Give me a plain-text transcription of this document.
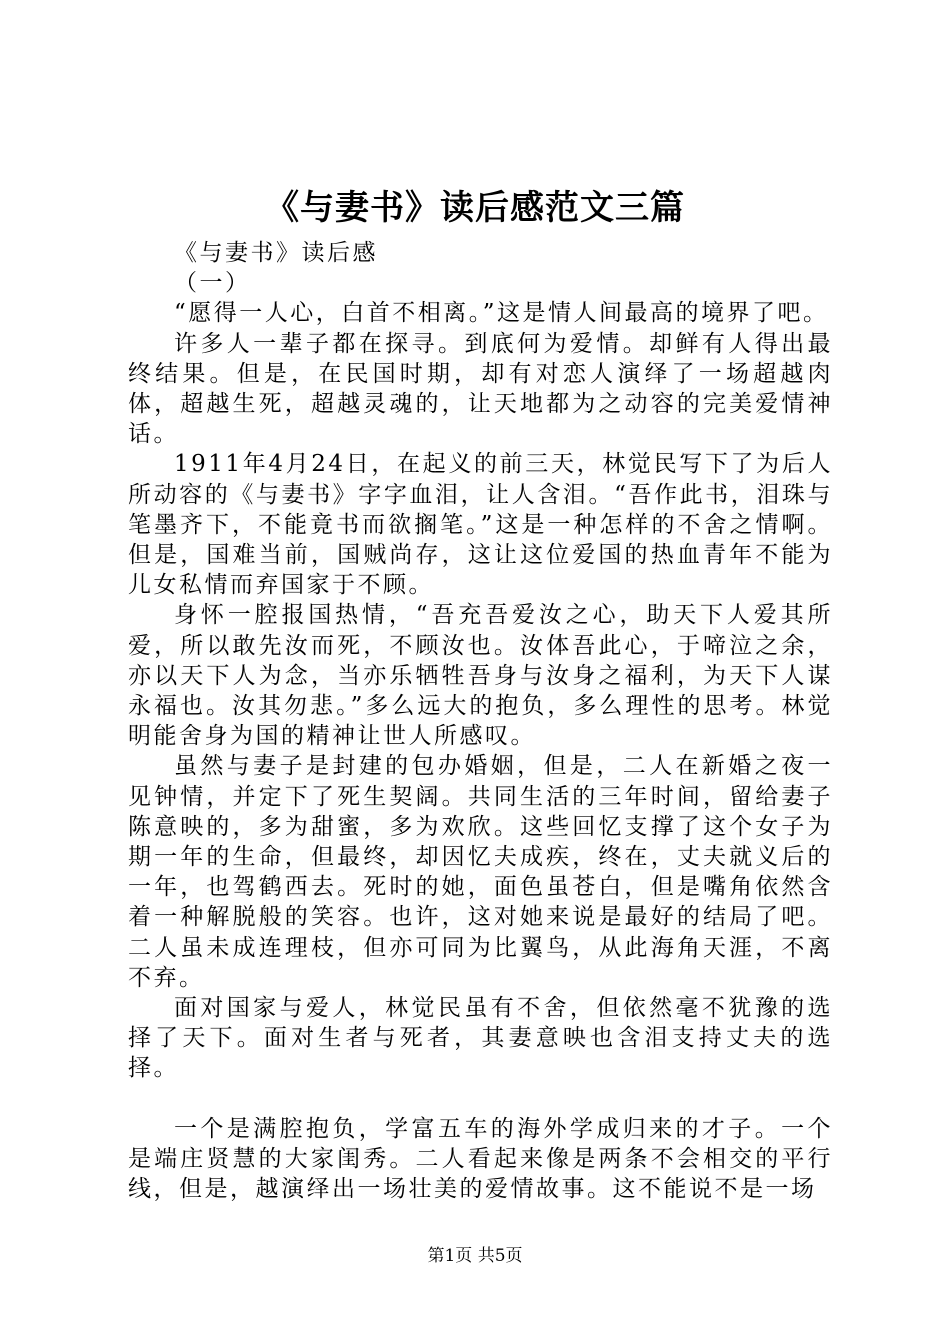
《与妻书》读后感范文三篇

《与妻书》读后感

（一）

“愿得一人心，白首不相离。”这是情人间最高的境界了吧。

许多人一辈子都在探寻。到底何为爱情。却鲜有人得出最终结果。但是，在民国时期，却有对恋人演绎了一场超越肉体，超越生死，超越灵魂的，让天地都为之动容的完美爱情神话。

1911年4月24日，在起义的前三天，林觉民写下了为后人所动容的《与妻书》字字血泪，让人含泪。“吾作此书，泪珠与笔墨齐下，不能竟书而欲搁笔。”这是一种怎样的不舍之情啊。但是，国难当前，国贼尚存，这让这位爱国的热血青年不能为儿女私情而弃国家于不顾。

身怀一腔报国热情，“吾充吾爱汝之心，助天下人爱其所爱，所以敢先汝而死，不顾汝也。汝体吾此心，于啼泣之余，亦以天下人为念，当亦乐牺牲吾身与汝身之福利，为天下人谋永福也。汝其勿悲。”多么远大的抱负，多么理性的思考。林觉明能舍身为国的精神让世人所感叹。

虽然与妻子是封建的包办婚姻，但是，二人在新婚之夜一见钟情，并定下了死生契阔。共同生活的三年时间，留给妻子陈意映的，多为甜蜜，多为欢欣。这些回忆支撑了这个女子为期一年的生命，但最终，却因忆夫成疾，终在，丈夫就义后的一年，也驾鹤西去。死时的她，面色虽苍白，但是嘴角依然含着一种解脱般的笑容。也许，这对她来说是最好的结局了吧。二人虽未成连理枝，但亦可同为比翼鸟，从此海角天涯，不离不弃。

面对国家与爱人，林觉民虽有不舍，但依然毫不犹豫的选择了天下。面对生者与死者，其妻意映也含泪支持丈夫的选择。

一个是满腔抱负，学富五车的海外学成归来的才子。一个是端庄贤慧的大家闺秀。二人看起来像是两条不会相交的平行线，但是，越演绎出一场壮美的爱情故事。这不能说不是一场

第1页 共5页
